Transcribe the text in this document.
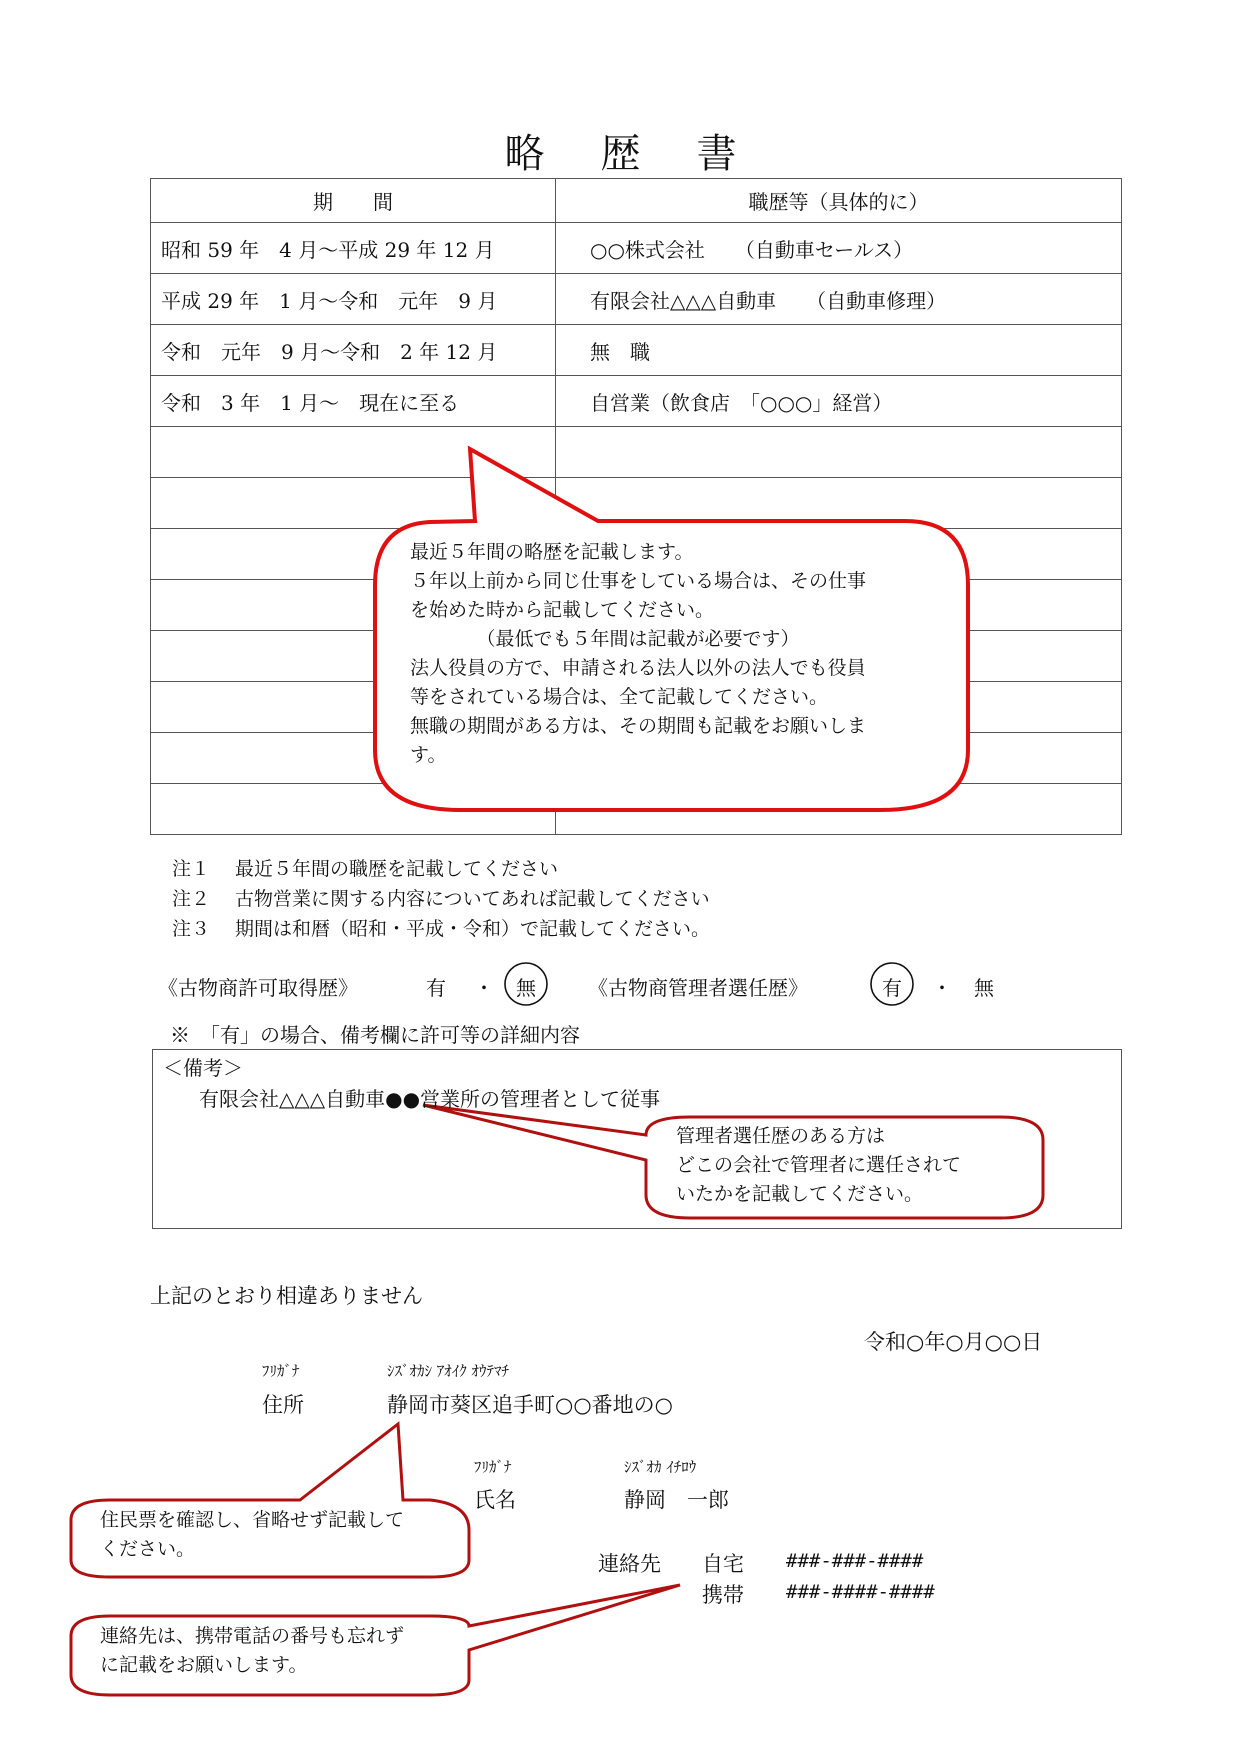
略 歴 書
期　　間	職歴等（具体的に）
昭和 59 年　4 月～平成 29 年 12 月	○○株式会社　　（自動車セールス）
平成 29 年　1 月～令和　元年　9 月	有限会社△△△自動車　　（自動車修理）
令和　元年　9 月～令和　2 年 12 月	無　職
令和　3 年　1 月～　現在に至る	自営業（飲食店　「○○○」経営）

最近５年間の略歴を記載します。
５年以上前から同じ仕事をしている場合は、その仕事
を始めた時から記載してください。
　　　　（最低でも５年間は記載が必要です）
法人役員の方で、申請される法人以外の法人でも役員
等をされている場合は、全て記載してください。
無職の期間がある方は、その期間も記載をお願いしま
す。
注１　 最近５年間の職歴を記載してください
注２　 古物営業に関する内容についてあれば記載してください
注３　 期間は和暦（昭和・平成・令和）で記載してください。
《古物商許可取得歴》	有 ・ 無	《古物商管理者選任歴》	有 ・ 無
※　「有」の場合、備考欄に許可等の詳細内容
＜備考＞
有限会社△△△自動車●●営業所の管理者として従事
管理者選任歴のある方は
どこの会社で管理者に選任されて
いたかを記載してください。
上記のとおり相違ありません
令和○年○月○○日
ﾌﾘｶﾞﾅ	ｼｽﾞｵｶｼ ｱｵｲｸ ｵｳﾃﾏﾁ
住所	静岡市葵区追手町○○番地の○
ﾌﾘｶﾞﾅ	ｼｽﾞｵｶ ｲﾁﾛｳ
氏名	静岡　一郎
連絡先 自宅 ###-###-####
携帯 ###-####-####
住民票を確認し、省略せず記載して
ください。
連絡先は、携帯電話の番号も忘れず
に記載をお願いします。
